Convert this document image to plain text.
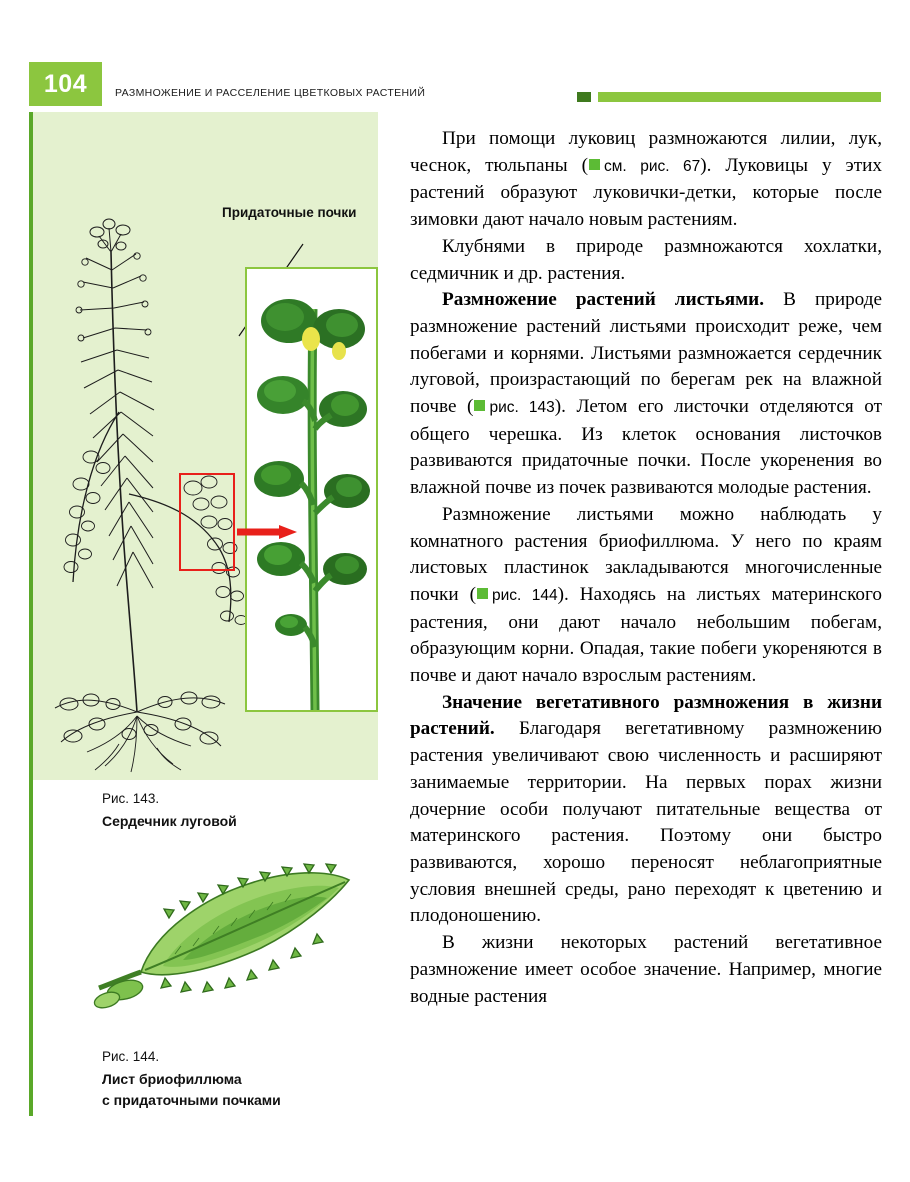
104	РАЗМНОЖЕНИЕ И РАССЕЛЕНИЕ ЦВЕТКОВЫХ РАСТЕНИЙ
Придаточные почки
Рис. 143.
Сердечник луговой
Рис. 144.
Лист бриофиллюма
с придаточными почками

При помощи луковиц размножаются лилии, лук, чеснок, тюльпаны ( см. рис. 67). Луковицы у этих растений образуют луковички-детки, которые после зимовки дают начало новым растениям.

Клубнями в природе размножаются хохлатки, седмичник и др. растения.

Размножение растений листьями. В природе размножение растений листьями происходит реже, чем побегами и корнями. Листьями размножается сердечник луговой, произрастающий по берегам рек на влажной почве ( рис. 143). Летом его листочки отделяются от общего черешка. Из клеток основания листочков развиваются придаточные почки. После укоренения во влажной почве из почек развиваются молодые растения.

Размножение листьями можно наблюдать у комнатного растения бриофиллюма. У него по краям листовых пластинок закладываются многочисленные почки ( рис. 144). Находясь на листьях материнского растения, они дают начало небольшим побегам, образующим корни. Опадая, такие побеги укореняются в почве и дают начало взрослым растениям.

Значение вегетативного размножения в жизни растений. Благодаря вегетативному размножению растения увеличивают свою численность и расширяют занимаемые территории. На первых порах жизни дочерние особи получают питательные вещества от материнского растения. Поэтому они быстро развиваются, хорошо переносят неблагоприятные условия внешней среды, рано переходят к цветению и плодоношению.

В жизни некоторых растений вегетативное размножение имеет особое значение. Например, многие водные растения
